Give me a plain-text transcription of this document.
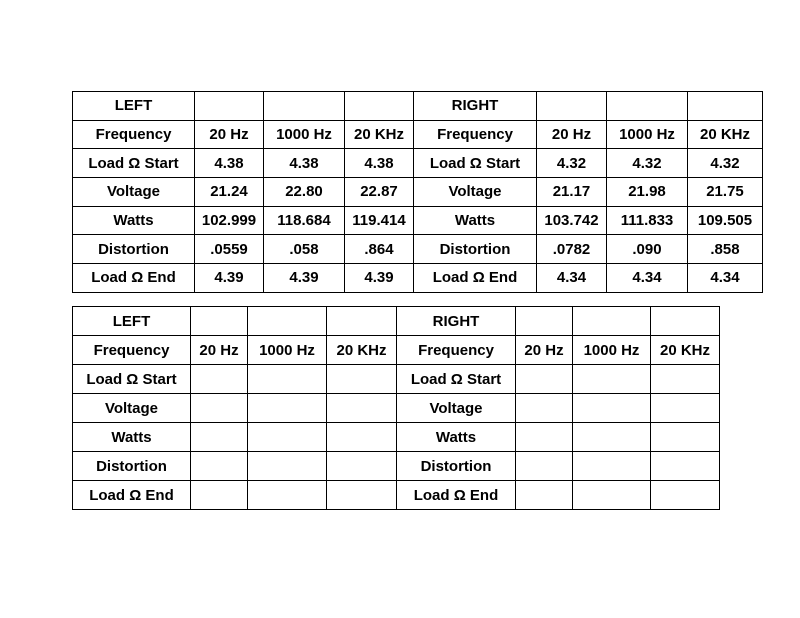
LEFT				RIGHT			
Frequency	20 Hz	1000 Hz	20 KHz	Frequency	20 Hz	1000 Hz	20 KHz
Load Ω Start	4.38	4.38	4.38	Load Ω Start	4.32	4.32	4.32
Voltage	21.24	22.80	22.87	Voltage	21.17	21.98	21.75
Watts	102.999	118.684	119.414	Watts	103.742	111.833	109.505
Distortion	.0559	.058	.864	Distortion	.0782	.090	.858
Load Ω End	4.39	4.39	4.39	Load Ω End	4.34	4.34	4.34
LEFT				RIGHT			
Frequency	20 Hz	1000 Hz	20 KHz	Frequency	20 Hz	1000 Hz	20 KHz
Load Ω Start				Load Ω Start			
Voltage				Voltage			
Watts				Watts			
Distortion				Distortion			
Load Ω End				Load Ω End			
